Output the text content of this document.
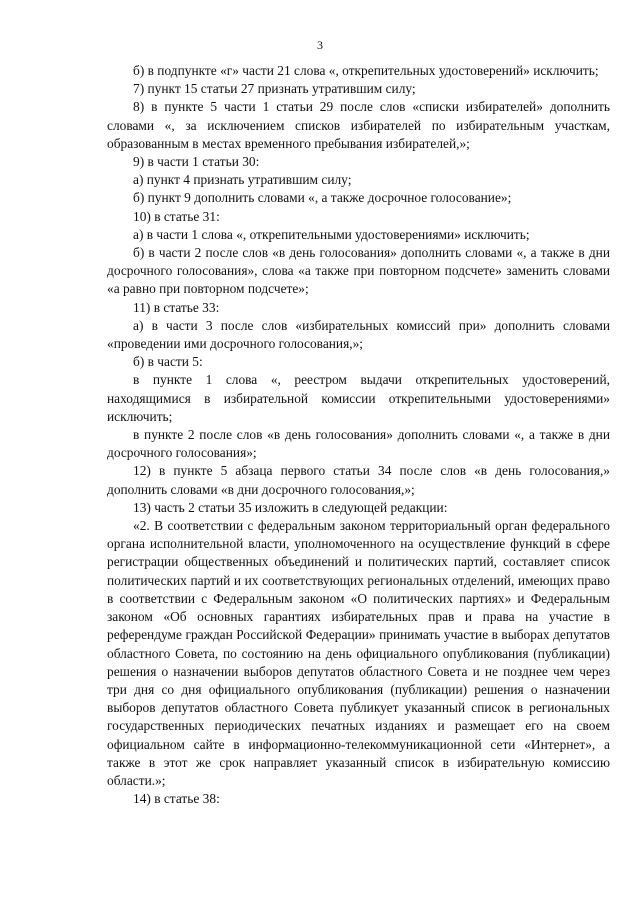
3

б) в подпункте «г» части 21 слова «, открепительных удостоверений» исключить;

7) пункт 15 статьи 27 признать утратившим силу;

8) в пункте 5 части 1 статьи 29 после слов «списки избирателей» дополнить словами «, за исключением списков избирателей по избирательным участкам, образованным в местах временного пребывания избирателей,»;

9) в части 1 статьи 30:

а) пункт 4 признать утратившим силу;

б) пункт 9 дополнить словами «, а также досрочное голосование»;

10) в статье 31:

а) в части 1 слова «, открепительными удостоверениями» исключить;

б) в части 2 после слов «в день голосования» дополнить словами «, а также в дни досрочного голосования», слова «а также при повторном подсчете» заменить словами «а равно при повторном подсчете»;

11) в статье 33:

а) в части 3 после слов «избирательных комиссий при» дополнить словами «проведении ими досрочного голосования,»;

б) в части 5:

в пункте 1 слова «, реестром выдачи открепительных удостоверений, находящимися в избирательной комиссии открепительными удостоверениями» исключить;

в пункте 2 после слов «в день голосования» дополнить словами «, а также в дни досрочного голосования»;

12) в пункте 5 абзаца первого статьи 34 после слов «в день голосования,» дополнить словами «в дни досрочного голосования,»;

13) часть 2 статьи 35 изложить в следующей редакции:

«2. В соответствии с федеральным законом территориальный орган федерального органа исполнительной власти, уполномоченного на осуществление функций в сфере регистрации общественных объединений и политических партий, составляет список политических партий и их соответствующих региональных отделений, имеющих право в соответствии с Федеральным законом «О политических партиях» и Федеральным законом «Об основных гарантиях избирательных прав и права на участие в референдуме граждан Российской Федерации» принимать участие в выборах депутатов областного Совета, по состоянию на день официального опубликования (публикации) решения о назначении выборов депутатов областного Совета и не позднее чем через три дня со дня официального опубликования (публикации) решения о назначении выборов депутатов областного Совета публикует указанный список в региональных государственных периодических печатных изданиях и размещает его на своем официальном сайте в информационно-телекоммуникационной сети «Интернет», а также в этот же срок направляет указанный список в избирательную комиссию области.»;

14) в статье 38:
